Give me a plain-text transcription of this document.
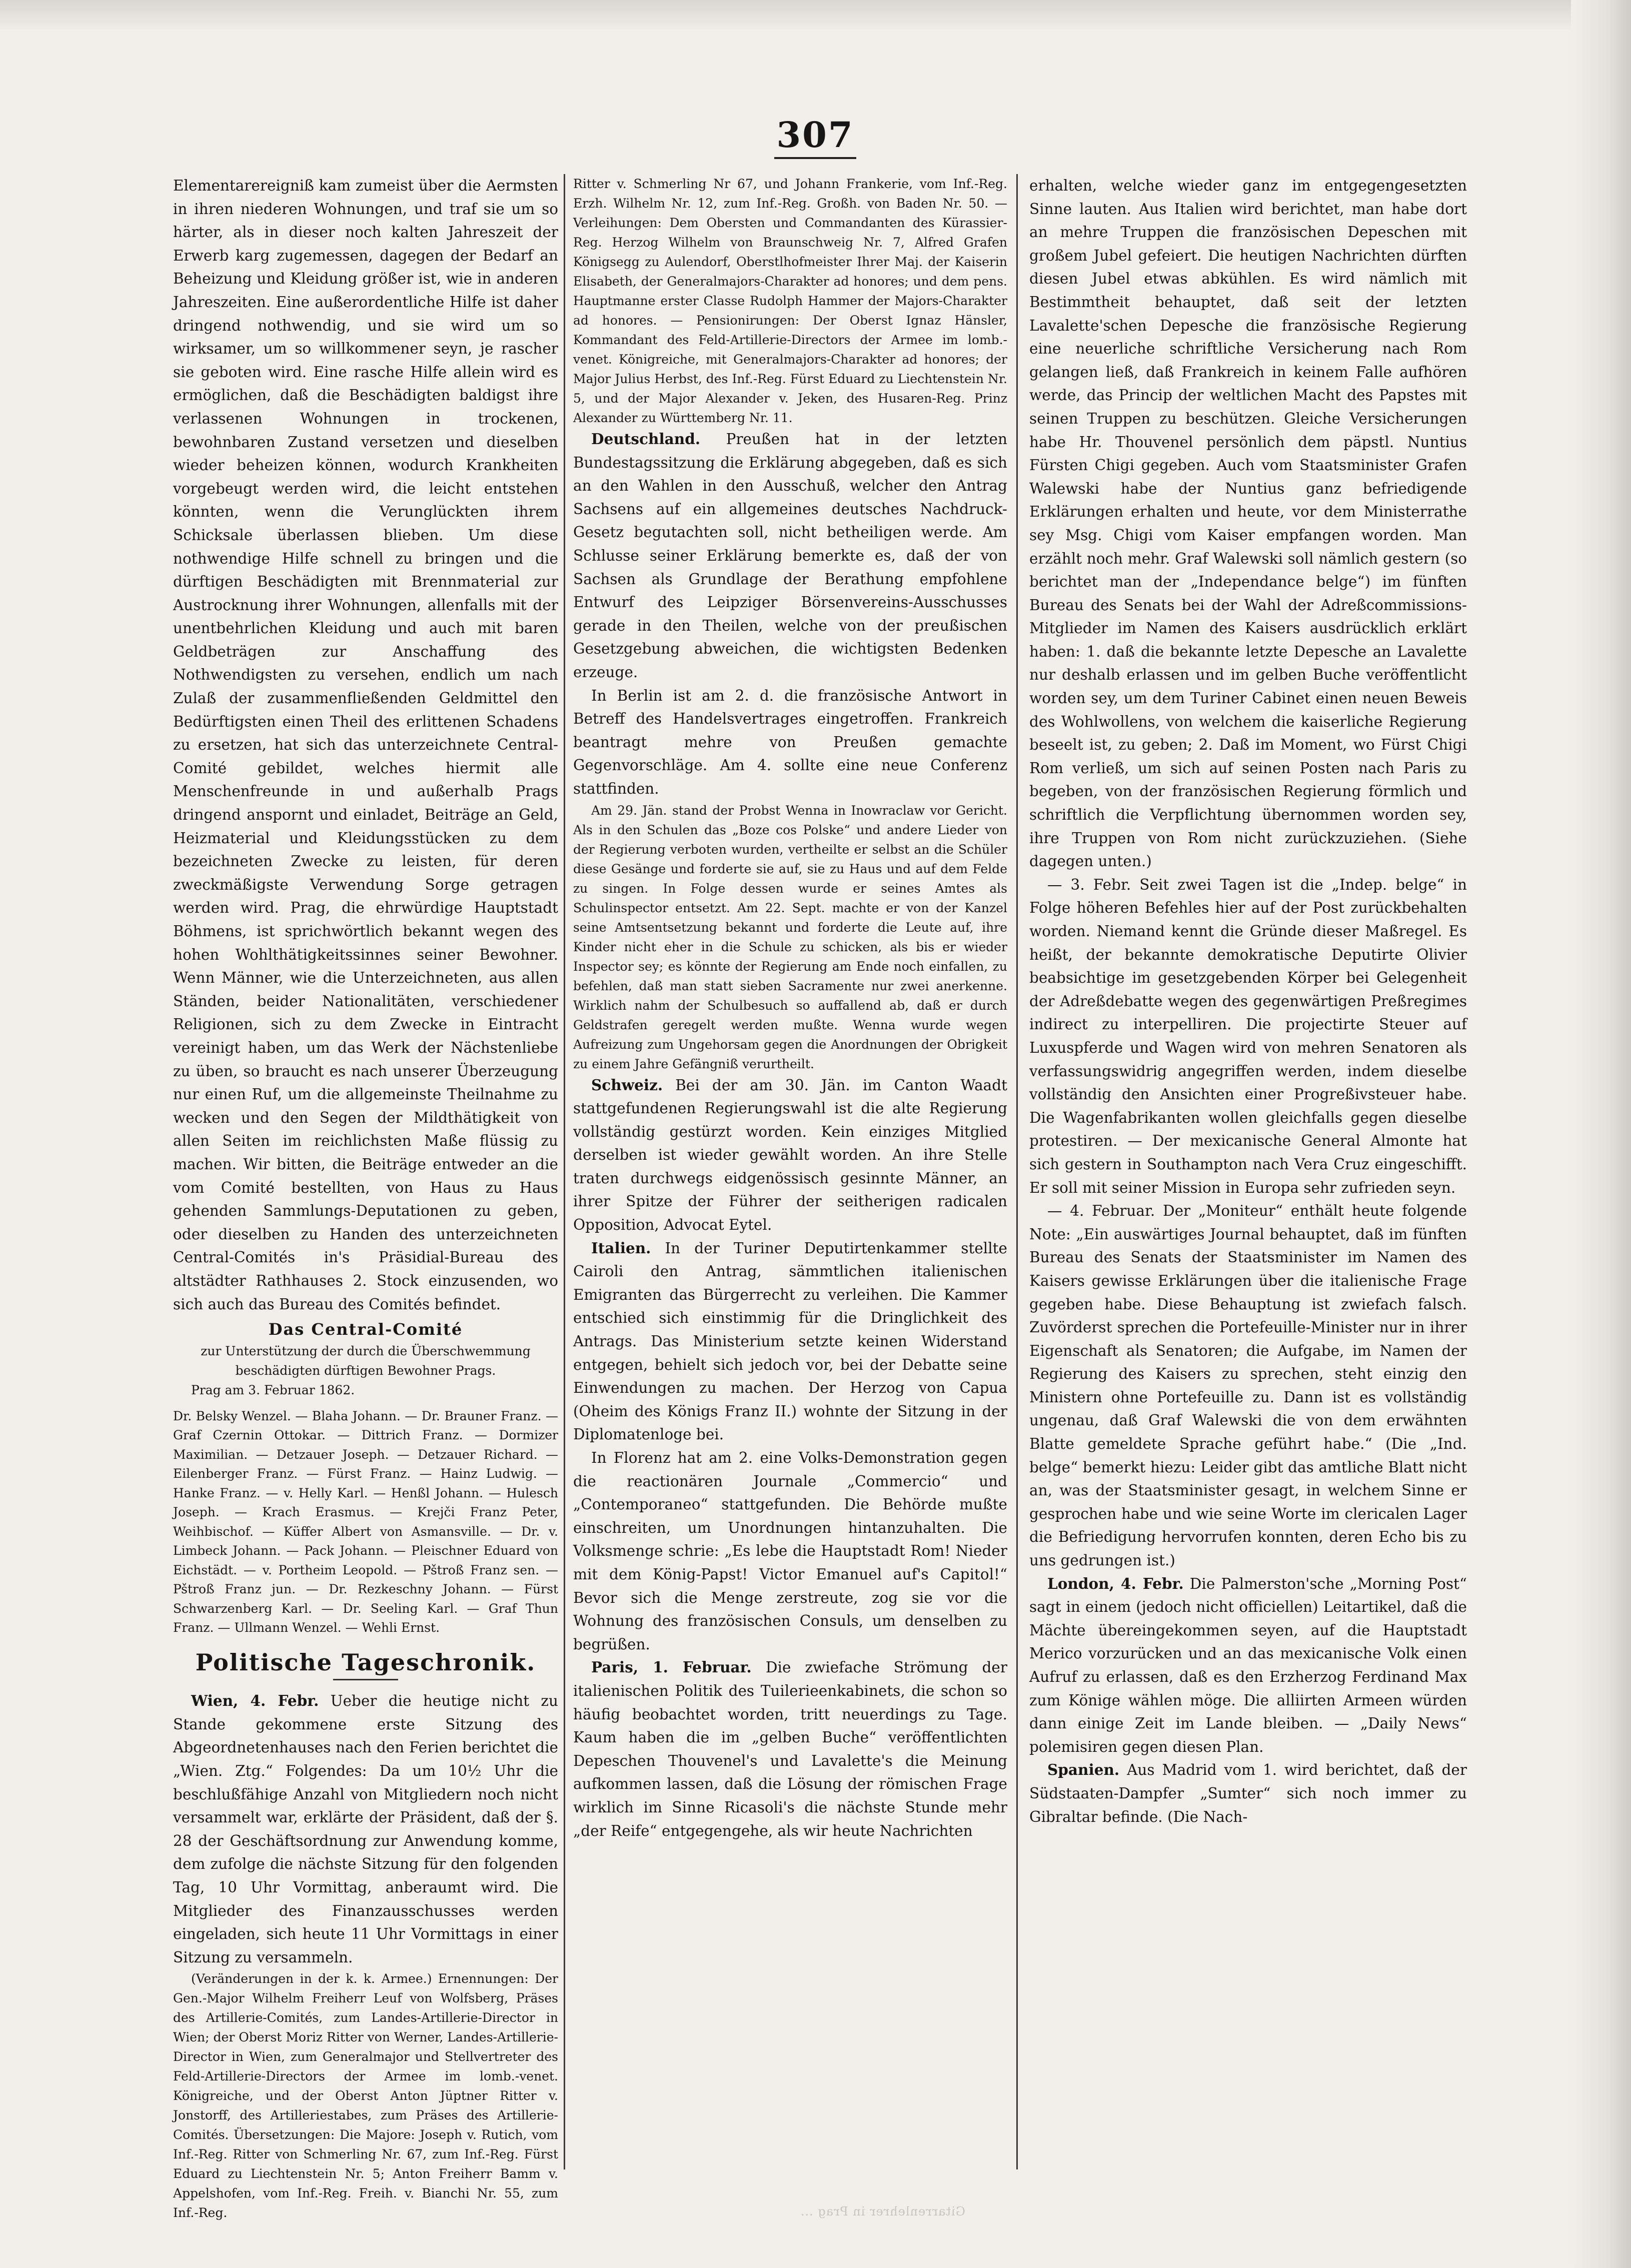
307

Elementarereigniß kam zumeist über die Aermsten in ihren niederen Wohnungen, und traf sie um so härter, als in dieser noch kalten Jahreszeit der Erwerb karg zugemessen, dagegen der Bedarf an Beheizung und Kleidung größer ist, wie in anderen Jahreszeiten. Eine außerordentliche Hilfe ist daher dringend nothwendig, und sie wird um so wirksamer, um so willkommener seyn, je rascher sie geboten wird. Eine rasche Hilfe allein wird es ermöglichen, daß die Beschädigten baldigst ihre verlassenen Wohnungen in trockenen, bewohnbaren Zustand versetzen und dieselben wieder beheizen können, wodurch Krankheiten vorgebeugt werden wird, die leicht entstehen könnten, wenn die Verunglückten ihrem Schicksale überlassen blieben. Um diese nothwendige Hilfe schnell zu bringen und die dürftigen Beschädigten mit Brennmaterial zur Austrocknung ihrer Wohnungen, allenfalls mit der unentbehrlichen Kleidung und auch mit baren Geldbeträgen zur Anschaffung des Nothwendigsten zu versehen, endlich um nach Zulaß der zusammenfließenden Geldmittel den Bedürftigsten einen Theil des erlittenen Schadens zu ersetzen, hat sich das unterzeichnete Central-Comité gebildet, welches hiermit alle Menschenfreunde in und außerhalb Prags dringend anspornt und einladet, Beiträge an Geld, Heizmaterial und Kleidungsstücken zu dem bezeichneten Zwecke zu leisten, für deren zweckmäßigste Verwendung Sorge getragen werden wird. Prag, die ehrwürdige Hauptstadt Böhmens, ist sprichwörtlich bekannt wegen des hohen Wohlthätigkeitssinnes seiner Bewohner. Wenn Männer, wie die Unterzeichneten, aus allen Ständen, beider Nationalitäten, verschiedener Religionen, sich zu dem Zwecke in Eintracht vereinigt haben, um das Werk der Nächstenliebe zu üben, so braucht es nach unserer Überzeugung nur einen Ruf, um die allgemeinste Theilnahme zu wecken und den Segen der Mildthätigkeit von allen Seiten im reichlichsten Maße flüssig zu machen. Wir bitten, die Beiträge entweder an die vom Comité bestellten, von Haus zu Haus gehenden Sammlungs-Deputationen zu geben, oder dieselben zu Handen des unterzeichneten Central-Comités in's Präsidial-Bureau des altstädter Rathhauses 2. Stock einzusenden, wo sich auch das Bureau des Comités befindet.

Das Central-Comité

zur Unterstützung der durch die Überschwemmung beschädigten dürftigen Bewohner Prags.

Prag am 3. Februar 1862.

Dr. Belsky Wenzel. — Blaha Johann. — Dr. Brauner Franz. — Graf Czernin Ottokar. — Dittrich Franz. — Dormizer Maximilian. — Detzauer Joseph. — Detzauer Richard. — Eilenberger Franz. — Fürst Franz. — Hainz Ludwig. — Hanke Franz. — v. Helly Karl. — Henßl Johann. — Hulesch Joseph. — Krach Erasmus. — Krejči Franz Peter, Weihbischof. — Küffer Albert von Asmansville. — Dr. v. Limbeck Johann. — Pack Johann. — Pleischner Eduard von Eichstädt. — v. Portheim Leopold. — Pštroß Franz sen. — Pštroß Franz jun. — Dr. Rezkeschny Johann. — Fürst Schwarzenberg Karl. — Dr. Seeling Karl. — Graf Thun Franz. — Ullmann Wenzel. — Wehli Ernst.

Politische Tageschronik.

Wien, 4. Febr. Ueber die heutige nicht zu Stande gekommene erste Sitzung des Abgeordnetenhauses nach den Ferien berichtet die „Wien. Ztg.“ Folgendes: Da um 10½ Uhr die beschlußfähige Anzahl von Mitgliedern noch nicht versammelt war, erklärte der Präsident, daß der §. 28 der Geschäftsordnung zur Anwendung komme, dem zufolge die nächste Sitzung für den folgenden Tag, 10 Uhr Vormittag, anberaumt wird. Die Mitglieder des Finanzausschusses werden eingeladen, sich heute 11 Uhr Vormittags in einer Sitzung zu versammeln.

(Veränderungen in der k. k. Armee.) Ernennungen: Der Gen.-Major Wilhelm Freiherr Leuf von Wolfsberg, Präses des Artillerie-Comités, zum Landes-Artillerie-Director in Wien; der Oberst Moriz Ritter von Werner, Landes-Artillerie-Director in Wien, zum Generalmajor und Stellvertreter des Feld-Artillerie-Directors der Armee im lomb.-venet. Königreiche, und der Oberst Anton Jüptner Ritter v. Jonstorff, des Artilleriestabes, zum Präses des Artillerie-Comités. Übersetzungen: Die Majore: Joseph v. Rutich, vom Inf.-Reg. Ritter von Schmerling Nr. 67, zum Inf.-Reg. Fürst Eduard zu Liechtenstein Nr. 5; Anton Freiherr Bamm v. Appelshofen, vom Inf.-Reg. Freih. v. Bianchi Nr. 55, zum Inf.-Reg.

Ritter v. Schmerling Nr 67, und Johann Frankerie, vom Inf.-Reg. Erzh. Wilhelm Nr. 12, zum Inf.-Reg. Großh. von Baden Nr. 50. — Verleihungen: Dem Obersten und Commandanten des Kürassier-Reg. Herzog Wilhelm von Braunschweig Nr. 7, Alfred Grafen Königsegg zu Aulendorf, Oberstlhofmeister Ihrer Maj. der Kaiserin Elisabeth, der Generalmajors-Charakter ad honores; und dem pens. Hauptmanne erster Classe Rudolph Hammer der Majors-Charakter ad honores. — Pensionirungen: Der Oberst Ignaz Hänsler, Kommandant des Feld-Artillerie-Directors der Armee im lomb.-venet. Königreiche, mit Generalmajors-Charakter ad honores; der Major Julius Herbst, des Inf.-Reg. Fürst Eduard zu Liechtenstein Nr. 5, und der Major Alexander v. Jeken, des Husaren-Reg. Prinz Alexander zu Württemberg Nr. 11.

Deutschland. Preußen hat in der letzten Bundestagssitzung die Erklärung abgegeben, daß es sich an den Wahlen in den Ausschuß, welcher den Antrag Sachsens auf ein allgemeines deutsches Nachdruck-Gesetz begutachten soll, nicht betheiligen werde. Am Schlusse seiner Erklärung bemerkte es, daß der von Sachsen als Grundlage der Berathung empfohlene Entwurf des Leipziger Börsenvereins-Ausschusses gerade in den Theilen, welche von der preußischen Gesetzgebung abweichen, die wichtigsten Bedenken erzeuge.

In Berlin ist am 2. d. die französische Antwort in Betreff des Handelsvertrages eingetroffen. Frankreich beantragt mehre von Preußen gemachte Gegenvorschläge. Am 4. sollte eine neue Conferenz stattfinden.

Am 29. Jän. stand der Probst Wenna in Inowraclaw vor Gericht. Als in den Schulen das „Boze cos Polske“ und andere Lieder von der Regierung verboten wurden, vertheilte er selbst an die Schüler diese Gesänge und forderte sie auf, sie zu Haus und auf dem Felde zu singen. In Folge dessen wurde er seines Amtes als Schulinspector entsetzt. Am 22. Sept. machte er von der Kanzel seine Amtsentsetzung bekannt und forderte die Leute auf, ihre Kinder nicht eher in die Schule zu schicken, als bis er wieder Inspector sey; es könnte der Regierung am Ende noch einfallen, zu befehlen, daß man statt sieben Sacramente nur zwei anerkenne. Wirklich nahm der Schulbesuch so auffallend ab, daß er durch Geldstrafen geregelt werden mußte. Wenna wurde wegen Aufreizung zum Ungehorsam gegen die Anordnungen der Obrigkeit zu einem Jahre Gefängniß verurtheilt.

Schweiz. Bei der am 30. Jän. im Canton Waadt stattgefundenen Regierungswahl ist die alte Regierung vollständig gestürzt worden. Kein einziges Mitglied derselben ist wieder gewählt worden. An ihre Stelle traten durchwegs eidgenössisch gesinnte Männer, an ihrer Spitze der Führer der seitherigen radicalen Opposition, Advocat Eytel.

Italien. In der Turiner Deputirtenkammer stellte Cairoli den Antrag, sämmtlichen italienischen Emigranten das Bürgerrecht zu verleihen. Die Kammer entschied sich einstimmig für die Dringlichkeit des Antrags. Das Ministerium setzte keinen Widerstand entgegen, behielt sich jedoch vor, bei der Debatte seine Einwendungen zu machen. Der Herzog von Capua (Oheim des Königs Franz II.) wohnte der Sitzung in der Diplomatenloge bei.

In Florenz hat am 2. eine Volks-Demonstration gegen die reactionären Journale „Commercio“ und „Contemporaneo“ stattgefunden. Die Behörde mußte einschreiten, um Unordnungen hintanzuhalten. Die Volksmenge schrie: „Es lebe die Hauptstadt Rom! Nieder mit dem König-Papst! Victor Emanuel auf's Capitol!“ Bevor sich die Menge zerstreute, zog sie vor die Wohnung des französischen Consuls, um denselben zu begrüßen.

Paris, 1. Februar. Die zwiefache Strömung der italienischen Politik des Tuilerieenkabinets, die schon so häufig beobachtet worden, tritt neuerdings zu Tage. Kaum haben die im „gelben Buche“ veröffentlichten Depeschen Thouvenel's und Lavalette's die Meinung aufkommen lassen, daß die Lösung der römischen Frage wirklich im Sinne Ricasoli's die nächste Stunde mehr „der Reife“ entgegengehe, als wir heute Nachrichten

erhalten, welche wieder ganz im entgegengesetzten Sinne lauten. Aus Italien wird berichtet, man habe dort an mehre Truppen die französischen Depeschen mit großem Jubel gefeiert. Die heutigen Nachrichten dürften diesen Jubel etwas abkühlen. Es wird nämlich mit Bestimmtheit behauptet, daß seit der letzten Lavalette'schen Depesche die französische Regierung eine neuerliche schriftliche Versicherung nach Rom gelangen ließ, daß Frankreich in keinem Falle aufhören werde, das Princip der weltlichen Macht des Papstes mit seinen Truppen zu beschützen. Gleiche Versicherungen habe Hr. Thouvenel persönlich dem päpstl. Nuntius Fürsten Chigi gegeben. Auch vom Staatsminister Grafen Walewski habe der Nuntius ganz befriedigende Erklärungen erhalten und heute, vor dem Ministerrathe sey Msg. Chigi vom Kaiser empfangen worden. Man erzählt noch mehr. Graf Walewski soll nämlich gestern (so berichtet man der „Independance belge“) im fünften Bureau des Senats bei der Wahl der Adreßcommissions-Mitglieder im Namen des Kaisers ausdrücklich erklärt haben: 1. daß die bekannte letzte Depesche an Lavalette nur deshalb erlassen und im gelben Buche veröffentlicht worden sey, um dem Turiner Cabinet einen neuen Beweis des Wohlwollens, von welchem die kaiserliche Regierung beseelt ist, zu geben; 2. Daß im Moment, wo Fürst Chigi Rom verließ, um sich auf seinen Posten nach Paris zu begeben, von der französischen Regierung förmlich und schriftlich die Verpflichtung übernommen worden sey, ihre Truppen von Rom nicht zurückzuziehen. (Siehe dagegen unten.)

— 3. Febr. Seit zwei Tagen ist die „Indep. belge“ in Folge höheren Befehles hier auf der Post zurückbehalten worden. Niemand kennt die Gründe dieser Maßregel. Es heißt, der bekannte demokratische Deputirte Olivier beabsichtige im gesetzgebenden Körper bei Gelegenheit der Adreßdebatte wegen des gegenwärtigen Preßregimes indirect zu interpelliren. Die projectirte Steuer auf Luxuspferde und Wagen wird von mehren Senatoren als verfassungswidrig angegriffen werden, indem dieselbe vollständig den Ansichten einer Progreßivsteuer habe. Die Wagenfabrikanten wollen gleichfalls gegen dieselbe protestiren. — Der mexicanische General Almonte hat sich gestern in Southampton nach Vera Cruz eingeschifft. Er soll mit seiner Mission in Europa sehr zufrieden seyn.

— 4. Februar. Der „Moniteur“ enthält heute folgende Note: „Ein auswärtiges Journal behauptet, daß im fünften Bureau des Senats der Staatsminister im Namen des Kaisers gewisse Erklärungen über die italienische Frage gegeben habe. Diese Behauptung ist zwiefach falsch. Zuvörderst sprechen die Portefeuille-Minister nur in ihrer Eigenschaft als Senatoren; die Aufgabe, im Namen der Regierung des Kaisers zu sprechen, steht einzig den Ministern ohne Portefeuille zu. Dann ist es vollständig ungenau, daß Graf Walewski die von dem erwähnten Blatte gemeldete Sprache geführt habe.“ (Die „Ind. belge“ bemerkt hiezu: Leider gibt das amtliche Blatt nicht an, was der Staatsminister gesagt, in welchem Sinne er gesprochen habe und wie seine Worte im clericalen Lager die Befriedigung hervorrufen konnten, deren Echo bis zu uns gedrungen ist.)

London, 4. Febr. Die Palmerston'sche „Morning Post“ sagt in einem (jedoch nicht officiellen) Leitartikel, daß die Mächte übereingekommen seyen, auf die Hauptstadt Merico vorzurücken und an das mexicanische Volk einen Aufruf zu erlassen, daß es den Erzherzog Ferdinand Max zum Könige wählen möge. Die alliirten Armeen würden dann einige Zeit im Lande bleiben. — „Daily News“ polemisiren gegen diesen Plan.

Spanien. Aus Madrid vom 1. wird berichtet, daß der Südstaaten-Dampfer „Sumter“ sich noch immer zu Gibraltar befinde. (Die Nach-

Gitarrenlehrer in Prag ...
